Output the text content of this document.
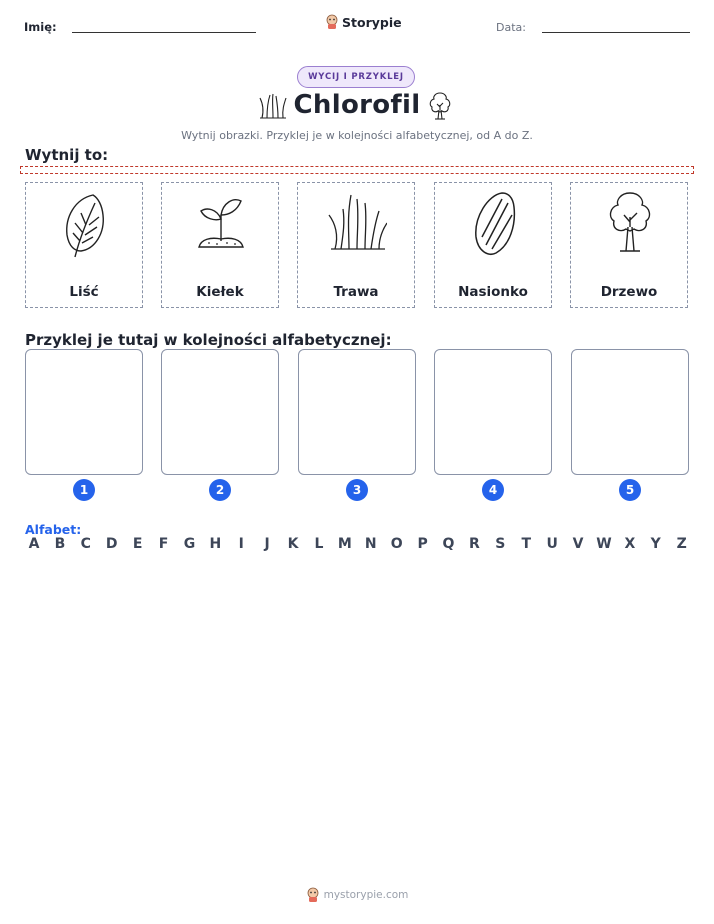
Imię:	Storypie	Data:
WYCIJ I PRZYKLEJ
Chlorofil
Wytnij obrazki. Przyklej je w kolejności alfabetycznej, od A do Z.
Wytnij to:
Liść	Kiełek	Trawa	Nasionko	Drzewo
Przyklej je tutaj w kolejności alfabetycznej:
1	2	3	4	5
Alfabet:
A B C D	E	F	G H	I	J	K	L	M N O P Q R S	T	U V W X Y Z
mystorypie.com
